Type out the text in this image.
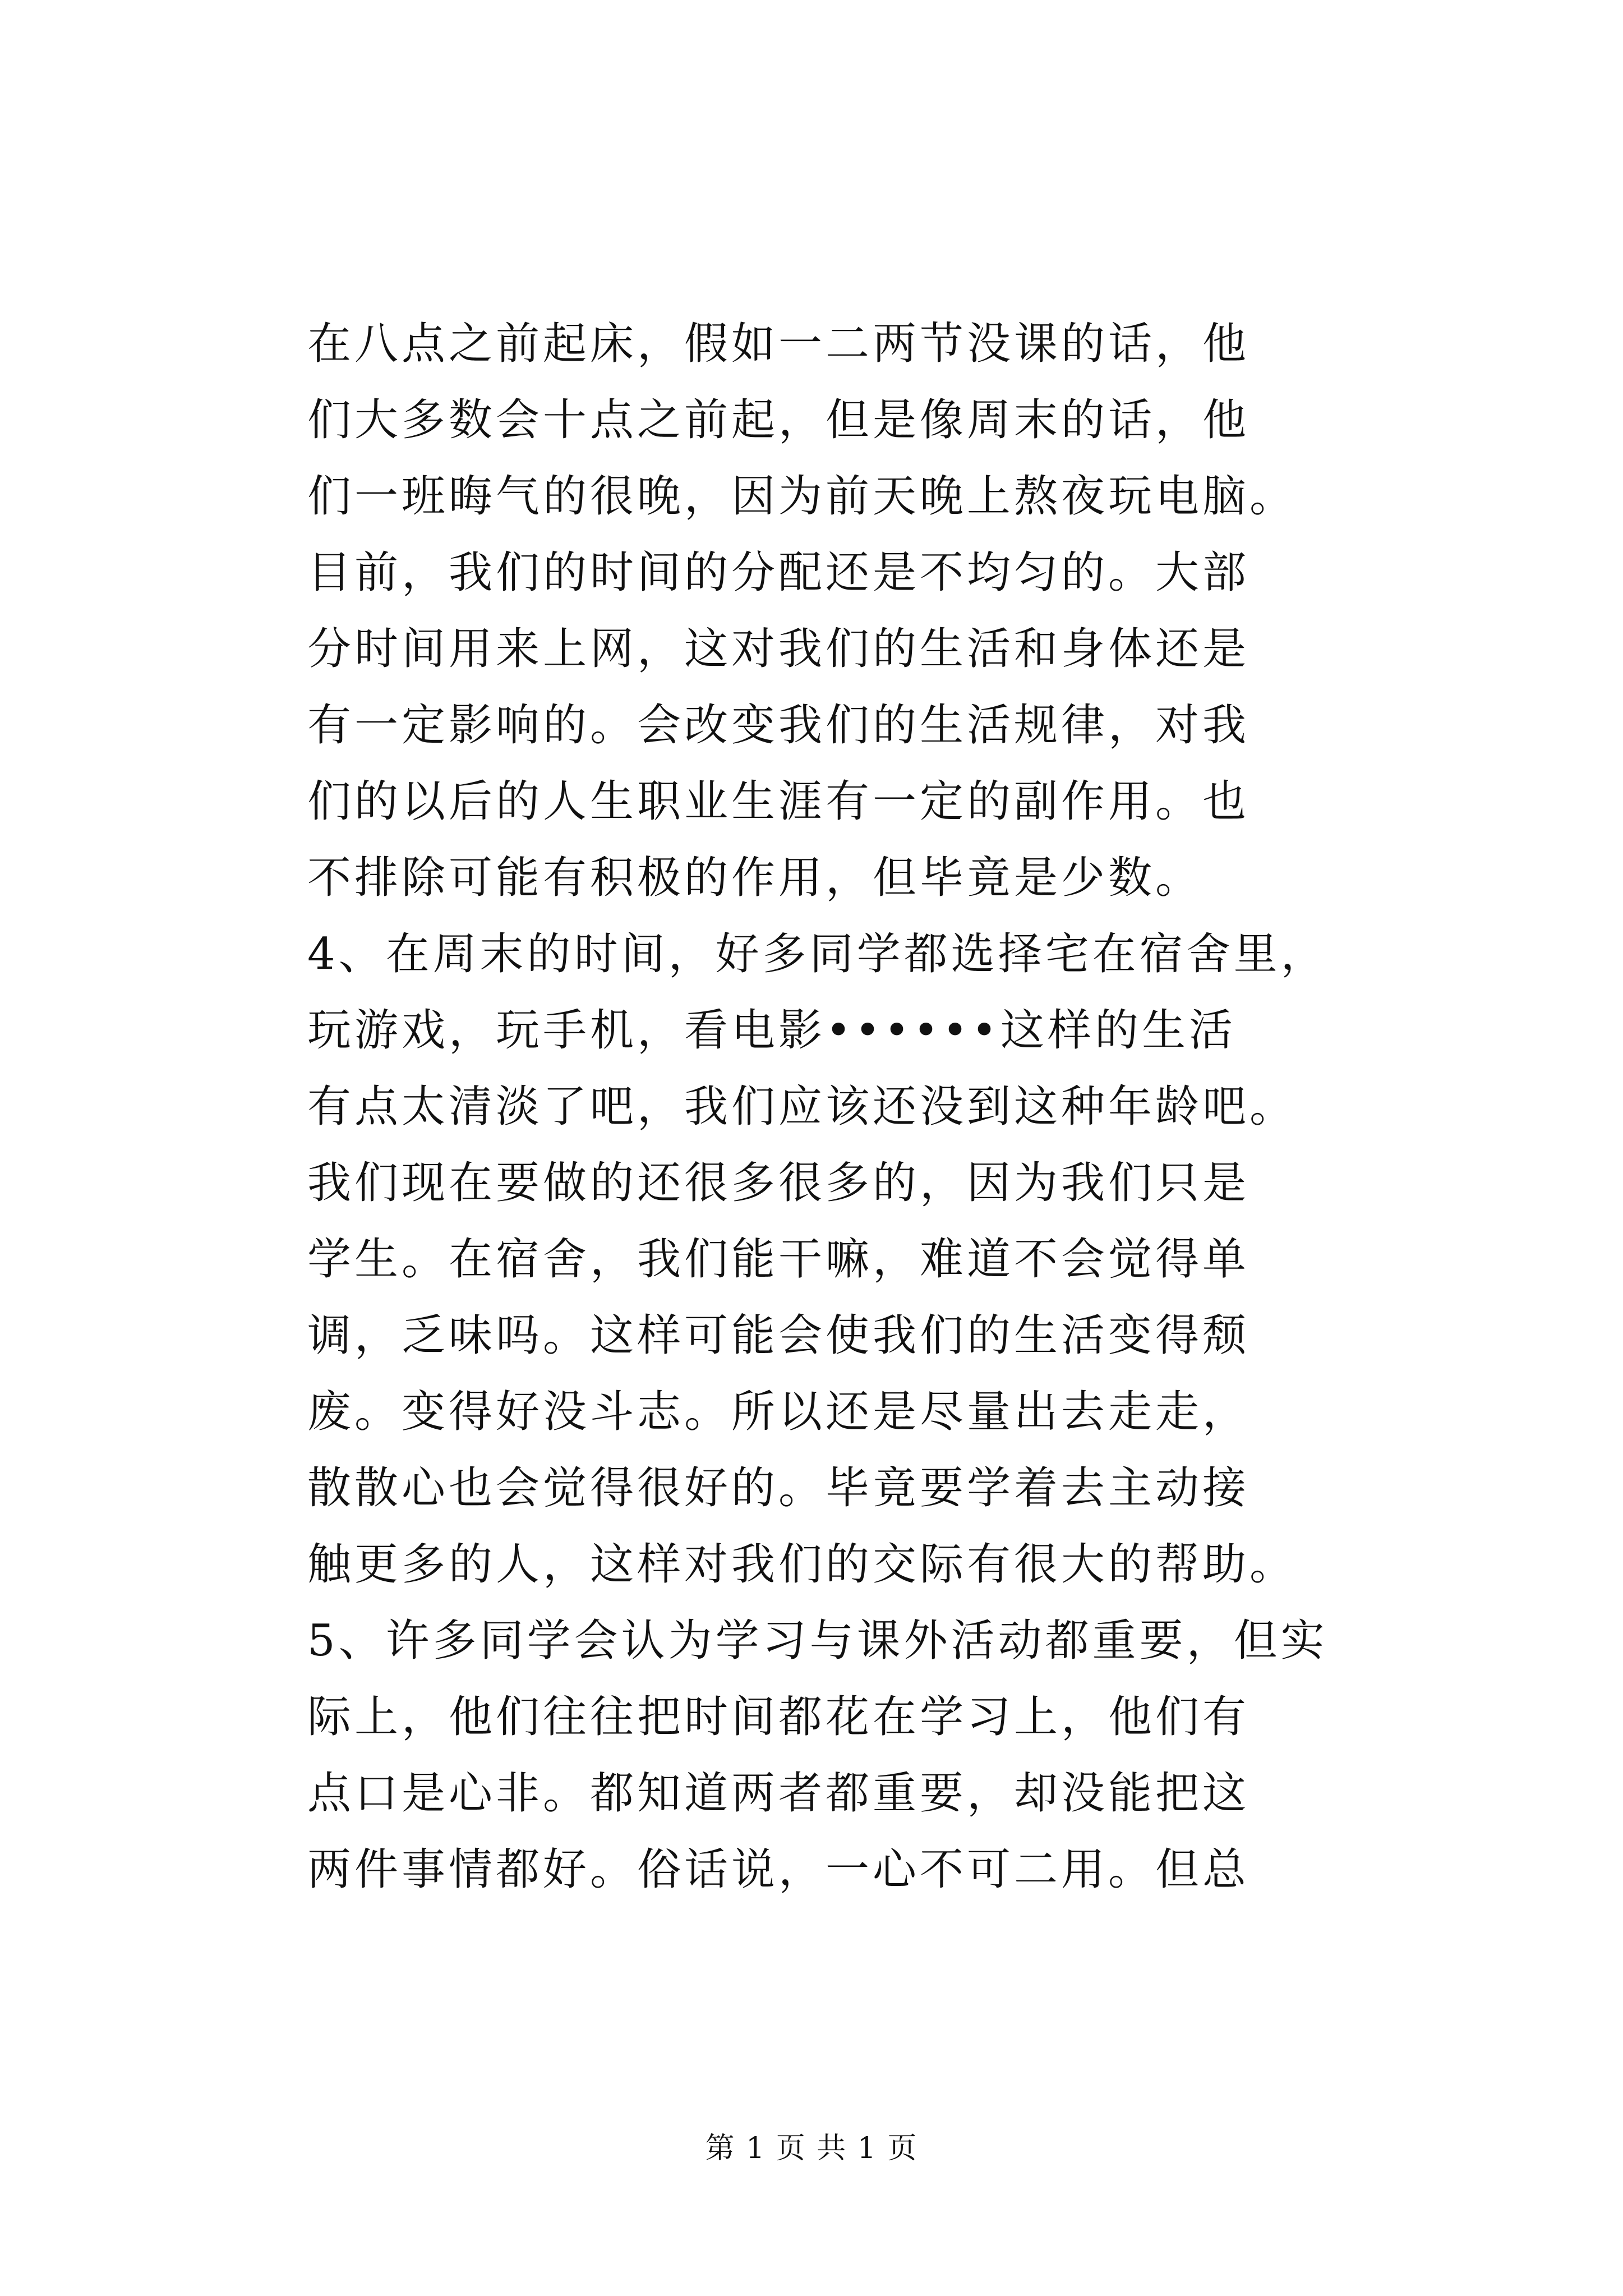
在八点之前起床，假如一二两节没课的话，他
们大多数会十点之前起，但是像周末的话，他
们一班晦气的很晚，因为前天晚上熬夜玩电脑。
目前，我们的时间的分配还是不均匀的。大部
分时间用来上网，这对我们的生活和身体还是
有一定影响的。会改变我们的生活规律，对我
们的以后的人生职业生涯有一定的副作用。也
不排除可能有积极的作用，但毕竟是少数。
4、在周末的时间，好多同学都选择宅在宿舍里，
玩游戏，玩手机，看电影••••••这样的生活
有点太清淡了吧，我们应该还没到这种年龄吧。
我们现在要做的还很多很多的，因为我们只是
学生。在宿舍，我们能干嘛，难道不会觉得单
调，乏味吗。这样可能会使我们的生活变得颓
废。变得好没斗志。所以还是尽量出去走走，
散散心也会觉得很好的。毕竟要学着去主动接
触更多的人，这样对我们的交际有很大的帮助。
5、许多同学会认为学习与课外活动都重要，但实
际上，他们往往把时间都花在学习上，他们有
点口是心非。都知道两者都重要，却没能把这
两件事情都好。俗话说，一心不可二用。但总
第 1 页 共 1 页
